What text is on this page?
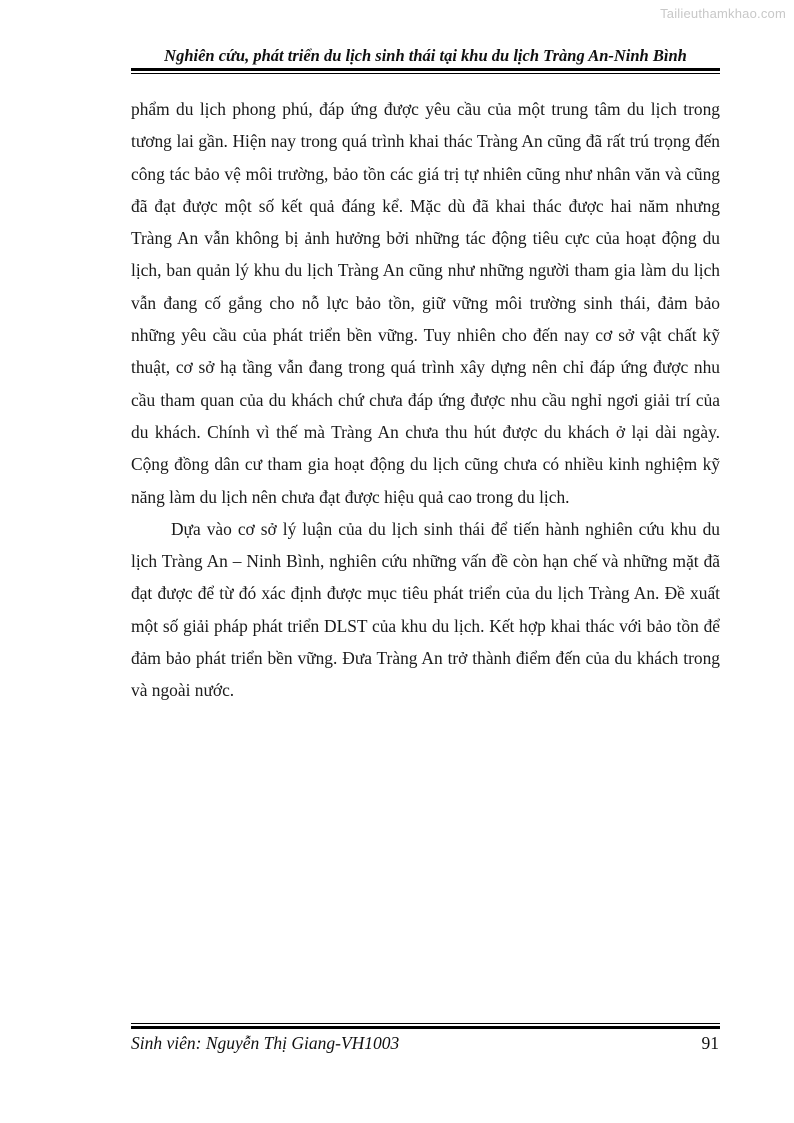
Tailieuthamkhao.com
Nghiên cứu, phát triển du lịch sinh thái tại khu du lịch Tràng An-Ninh Bình

phẩm du lịch phong phú, đáp ứng được yêu cầu của một trung tâm du lịch trong tương lai gần. Hiện nay trong quá trình khai thác Tràng An cũng đã rất trú trọng đến công tác bảo vệ môi trường, bảo tồn các giá trị tự nhiên cũng như nhân văn và cũng đã đạt được một số kết quả đáng kể. Mặc dù đã khai thác được hai năm nhưng Tràng An vẫn không bị ảnh hưởng bởi những tác động tiêu cực của hoạt động du lịch, ban quản lý khu du lịch Tràng An cũng như những người tham gia làm du lịch vẫn đang cố gắng cho nỗ lực bảo tồn, giữ vững môi trường sinh thái, đảm bảo những yêu cầu của phát triển bền vững. Tuy nhiên cho đến nay cơ sở vật chất kỹ thuật, cơ sở hạ tầng vẫn đang trong quá trình xây dựng nên chỉ đáp ứng được nhu cầu tham quan của du khách chứ chưa đáp ứng được nhu cầu nghỉ ngơi giải trí của du khách. Chính vì thế mà Tràng An chưa thu hút được du khách ở lại dài ngày. Cộng đồng dân cư tham gia hoạt động du lịch cũng chưa có nhiều kinh nghiệm kỹ năng làm du lịch nên chưa đạt được hiệu quả cao trong du lịch.

Dựa vào cơ sở lý luận của du lịch sinh thái để tiến hành nghiên cứu khu du lịch Tràng An – Ninh Bình, nghiên cứu những vấn đề còn hạn chế và những mặt đã đạt được để từ đó xác định được mục tiêu phát triển của du lịch Tràng An. Đề xuất một số giải pháp phát triển DLST của khu du lịch. Kết hợp khai thác với bảo tồn để đảm bảo phát triển bền vững. Đưa Tràng An trở thành điểm đến của du khách trong và ngoài nước.

Sinh viên: Nguyễn Thị Giang-VH1003	91
